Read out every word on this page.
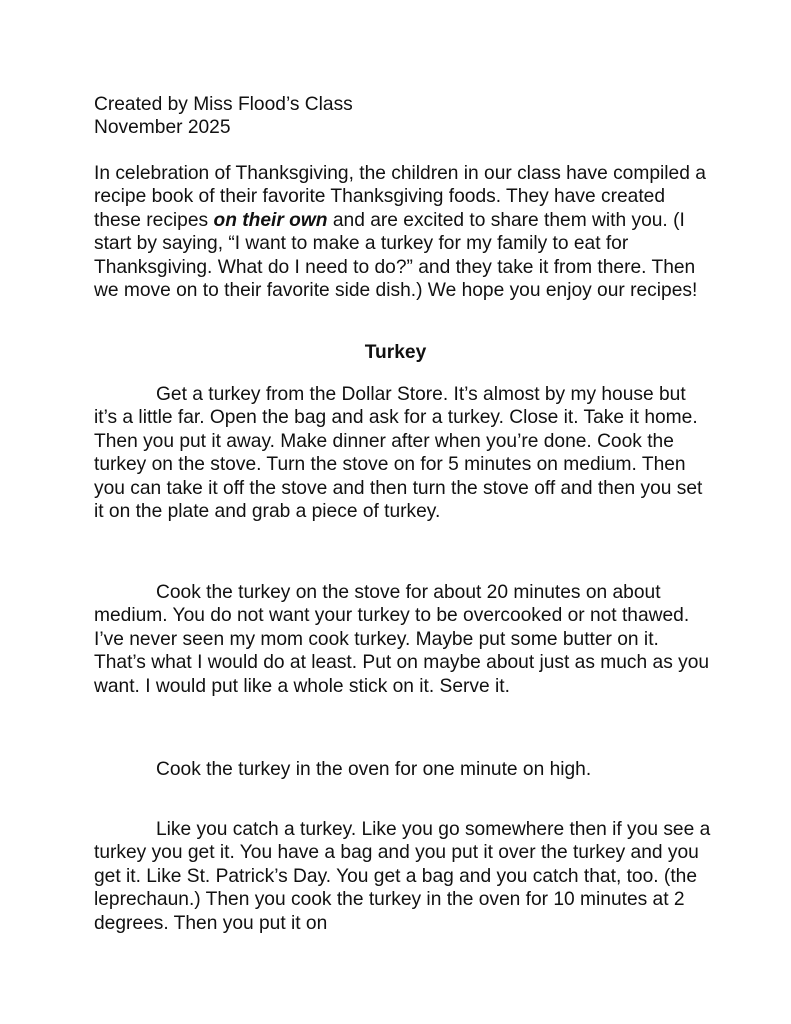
Created by Miss Flood’s Class
November 2025

In celebration of Thanksgiving, the children in our class have compiled a recipe book of their favorite Thanksgiving foods. They have created these recipes on their own and are excited to share them with you. (I start by saying, “I want to make a turkey for my family to eat for Thanksgiving. What do I need to do?” and they take it from there. Then we move on to their favorite side dish.) We hope you enjoy our recipes!

Turkey

Get a turkey from the Dollar Store. It’s almost by my house but it’s a little far. Open the bag and ask for a turkey. Close it. Take it home. Then you put it away. Make dinner after when you’re done. Cook the turkey on the stove. Turn the stove on for 5 minutes on medium. Then you can take it off the stove and then turn the stove off and then you set it on the plate and grab a piece of turkey.

Cook the turkey on the stove for about 20 minutes on about medium. You do not want your turkey to be overcooked or not thawed. I’ve never seen my mom cook turkey. Maybe put some butter on it. That’s what I would do at least. Put on maybe about just as much as you want. I would put like a whole stick on it. Serve it.

Cook the turkey in the oven for one minute on high.

Like you catch a turkey. Like you go somewhere then if you see a turkey you get it. You have a bag and you put it over the turkey and you get it. Like St. Patrick’s Day. You get a bag and you catch that, too. (the leprechaun.) Then you cook the turkey in the oven for 10 minutes at 2 degrees. Then you put it on
